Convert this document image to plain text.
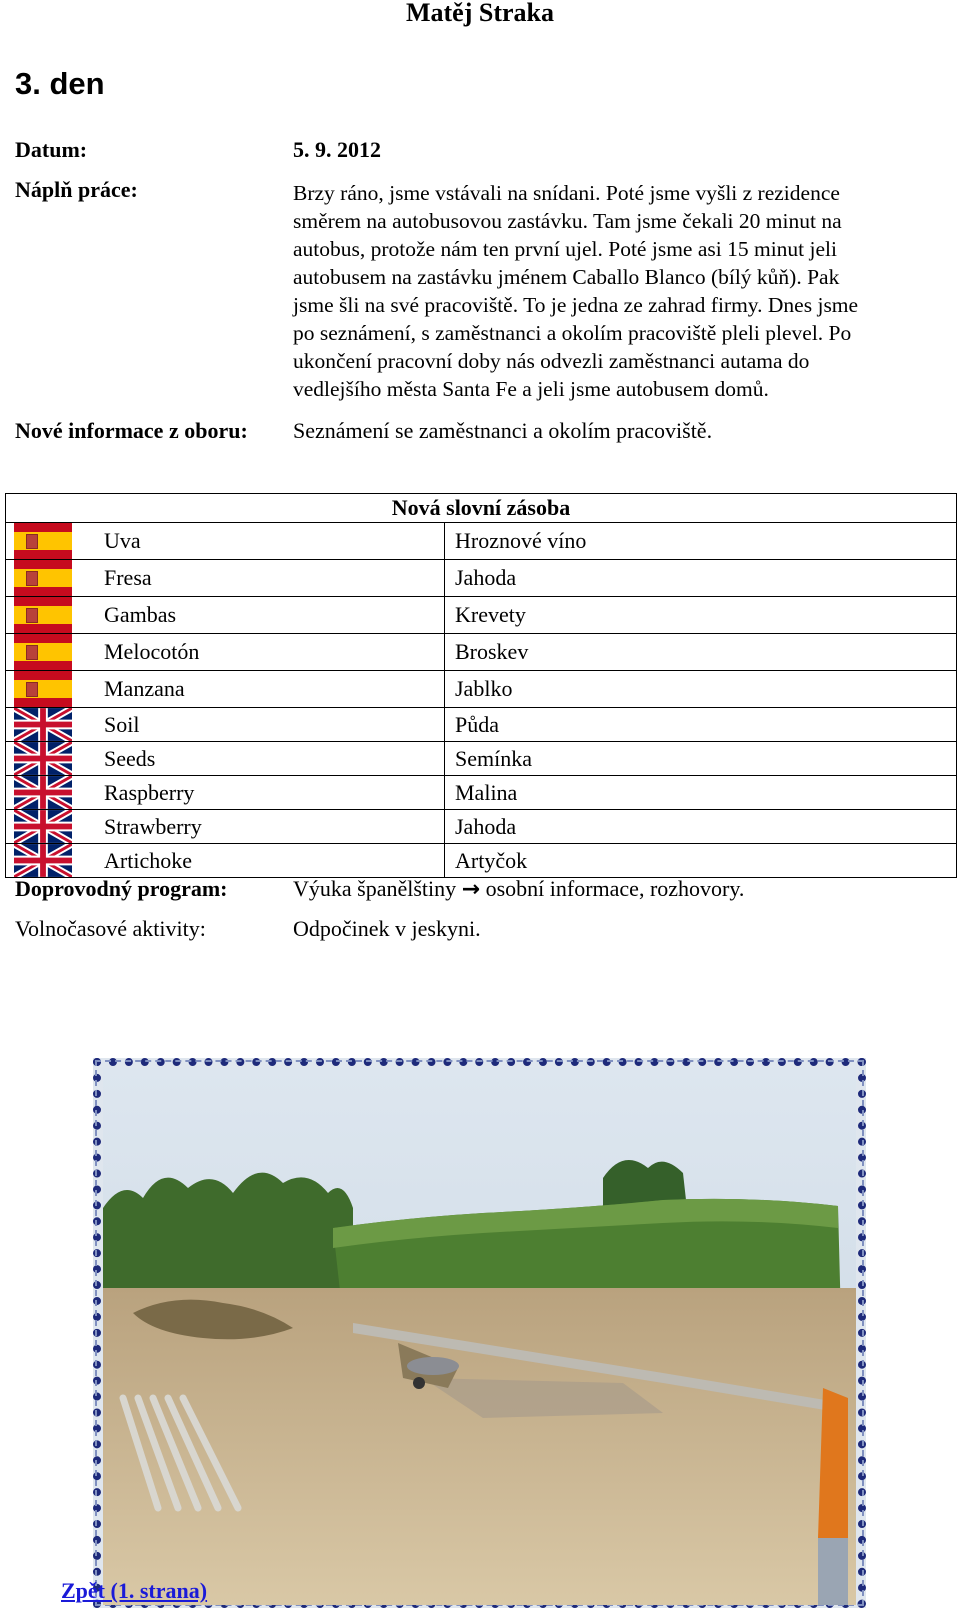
Matěj Straka
3. den
Datum:	5. 9. 2012
Náplň práce:	Brzy ráno, jsme vstávali na snídani. Poté jsme vyšli z rezidence
směrem na autobusovou zastávku. Tam jsme čekali 20 minut na
autobus, protože nám ten první ujel. Poté jsme asi 15 minut jeli
autobusem na zastávku jménem Caballo Blanco (bílý kůň). Pak
jsme šli na své pracoviště. To je jedna ze zahrad firmy. Dnes jsme
po seznámení, s zaměstnanci a okolím pracoviště pleli plevel. Po
ukončení pracovní doby nás odvezli zaměstnanci autama do
vedlejšího města Santa Fe a jeli jsme autobusem domů.
Nové informace z oboru: Seznámení se zaměstnanci a okolím pracoviště.
Nová slovní zásoba		

	Uva	Hroznové víno

	Fresa	Jahoda

	Gambas	Krevety

	Melocotón	Broskev

	Manzana	Jablko

	Soil	Půda

	Seeds	Semínka

	Raspberry	Malina

	Strawberry	Jahoda

	Artichoke	Artyčok
Doprovodný program:	Výuka španělštiny → osobní informace, rozhovory.
Volnočasové aktivity:	Odpočinek v jeskyni.
Zpět (1. strana)
